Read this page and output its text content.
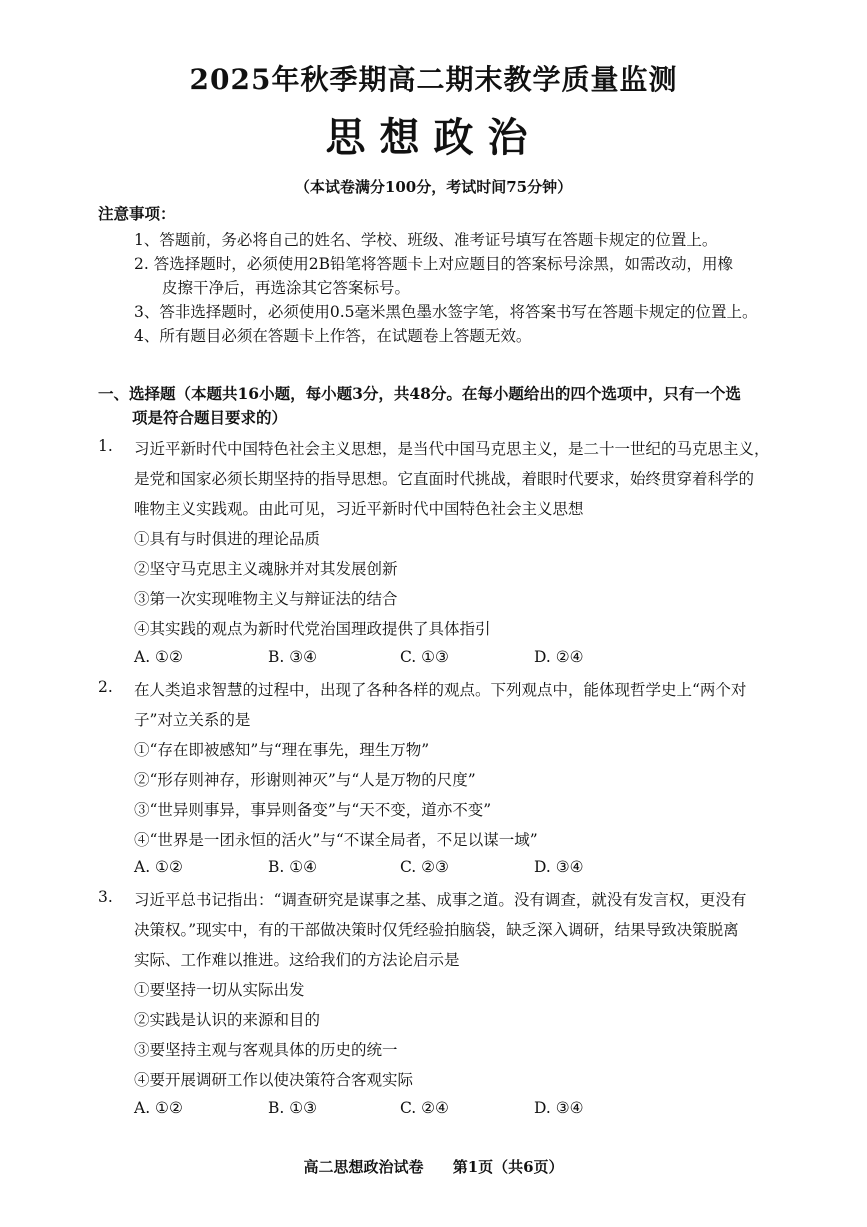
2025年秋季期高二期末教学质量监测
思想政治
（本试卷满分100分，考试时间75分钟）
注意事项：
1、答题前，务必将自己的姓名、学校、班级、准考证号填写在答题卡规定的位置上。
2. 答选择题时，必须使用2B铅笔将答题卡上对应题目的答案标号涂黑，如需改动，用橡
皮擦干净后，再选涂其它答案标号。
3、答非选择题时，必须使用0.5毫米黑色墨水签字笔，将答案书写在答题卡规定的位置上。
4、所有题目必须在答题卡上作答，在试题卷上答题无效。
一、选择题（本题共16小题，每小题3分，共48分。在每小题给出的四个选项中，只有一个选
项是符合题目要求的）
1. 习近平新时代中国特色社会主义思想，是当代中国马克思主义，是二十一世纪的马克思主义，
是党和国家必须长期坚持的指导思想。它直面时代挑战，着眼时代要求，始终贯穿着科学的
唯物主义实践观。由此可见，习近平新时代中国特色社会主义思想
①具有与时俱进的理论品质
②坚守马克思主义魂脉并对其发展创新
③第一次实现唯物主义与辩证法的结合
④其实践的观点为新时代党治国理政提供了具体指引
A. ①②	B. ③④	C. ①③	D. ②④
2. 在人类追求智慧的过程中，出现了各种各样的观点。下列观点中，能体现哲学史上“两个对
子”对立关系的是
①“存在即被感知”与“理在事先，理生万物”
②“形存则神存，形谢则神灭”与“人是万物的尺度”
③“世异则事异，事异则备变”与“天不变，道亦不变”
④“世界是一团永恒的活火”与“不谋全局者，不足以谋一域”
A. ①②	B. ①④	C. ②③	D. ③④
3. 习近平总书记指出：“调查研究是谋事之基、成事之道。没有调查，就没有发言权，更没有
决策权。”现实中，有的干部做决策时仅凭经验拍脑袋，缺乏深入调研，结果导致决策脱离
实际、工作难以推进。这给我们的方法论启示是
①要坚持一切从实际出发
②实践是认识的来源和目的
③要坚持主观与客观具体的历史的统一
④要开展调研工作以使决策符合客观实际
A. ①②	B. ①③	C. ②④	D. ③④
高二思想政治试卷 第1页（共6页）
